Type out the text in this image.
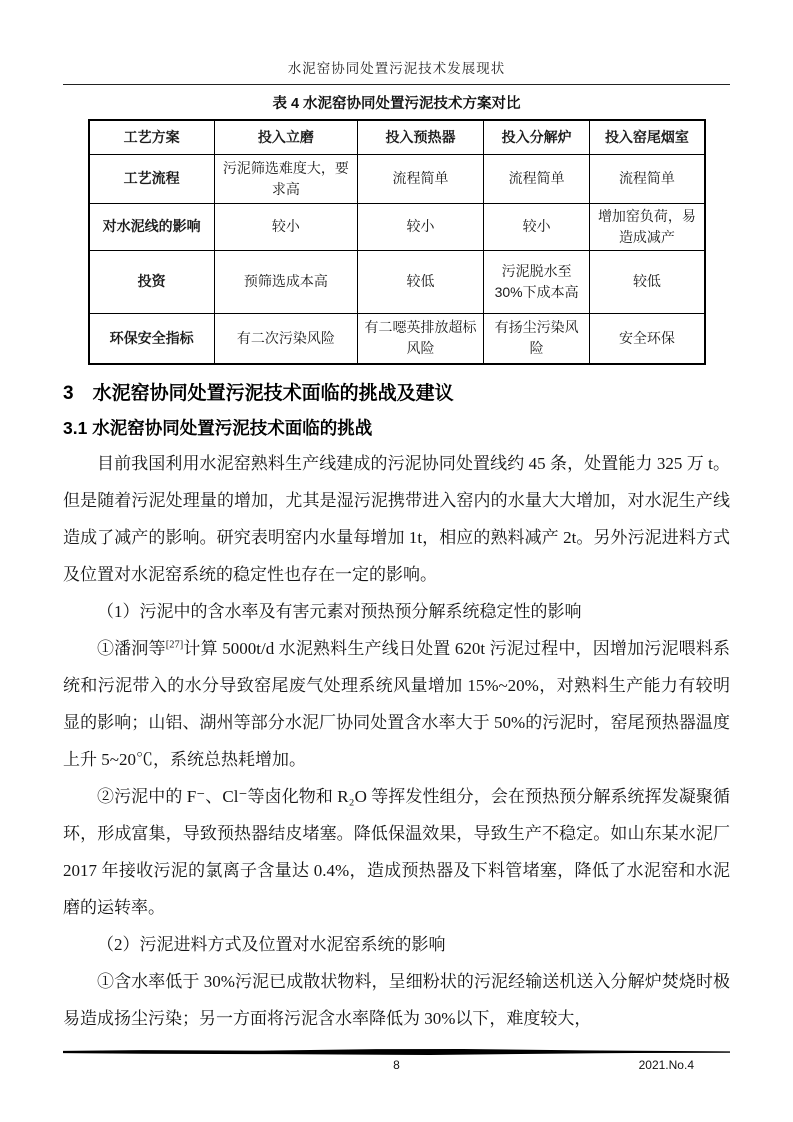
水泥窑协同处置污泥技术发展现状
表 4 水泥窑协同处置污泥技术方案对比
工艺方案	投入立磨	投入预热器	投入分解炉	投入窑尾烟室
工艺流程	污泥筛选难度大，要求高	流程简单	流程简单	流程简单
对水泥线的影响	较小	较小	较小	增加窑负荷，易造成减产
投资	预筛选成本高	较低	污泥脱水至 30%下成本高	较低
环保安全指标	有二次污染风险	有二噁英排放超标风险	有扬尘污染风险	安全环保
3　水泥窑协同处置污泥技术面临的挑战及建议
3.1 水泥窑协同处置污泥技术面临的挑战

目前我国利用水泥窑熟料生产线建成的污泥协同处置线约 45 条，处置能力 325 万 t。但是随着污泥处理量的增加，尤其是湿污泥携带进入窑内的水量大大增加，对水泥生产线造成了减产的影响。研究表明窑内水量每增加 1t，相应的熟料减产 2t。另外污泥进料方式及位置对水泥窑系统的稳定性也存在一定的影响。

（1）污泥中的含水率及有害元素对预热预分解系统稳定性的影响

①潘泂等[27]计算 5000t/d 水泥熟料生产线日处置 620t 污泥过程中，因增加污泥喂料系统和污泥带入的水分导致窑尾废气处理系统风量增加 15%~20%，对熟料生产能力有较明显的影响；山铝、湖州等部分水泥厂协同处置含水率大于 50%的污泥时，窑尾预热器温度上升 5~20℃，系统总热耗增加。

②污泥中的 F⁻、Cl⁻等卤化物和 R₂O 等挥发性组分，会在预热预分解系统挥发凝聚循环，形成富集，导致预热器结皮堵塞。降低保温效果，导致生产不稳定。如山东某水泥厂 2017 年接收污泥的氯离子含量达 0.4%，造成预热器及下料管堵塞，降低了水泥窑和水泥磨的运转率。

（2）污泥进料方式及位置对水泥窑系统的影响

①含水率低于 30%污泥已成散状物料，呈细粉状的污泥经输送机送入分解炉焚烧时极易造成扬尘污染；另一方面将污泥含水率降低为 30%以下，难度较大，

8	2021.No.4
